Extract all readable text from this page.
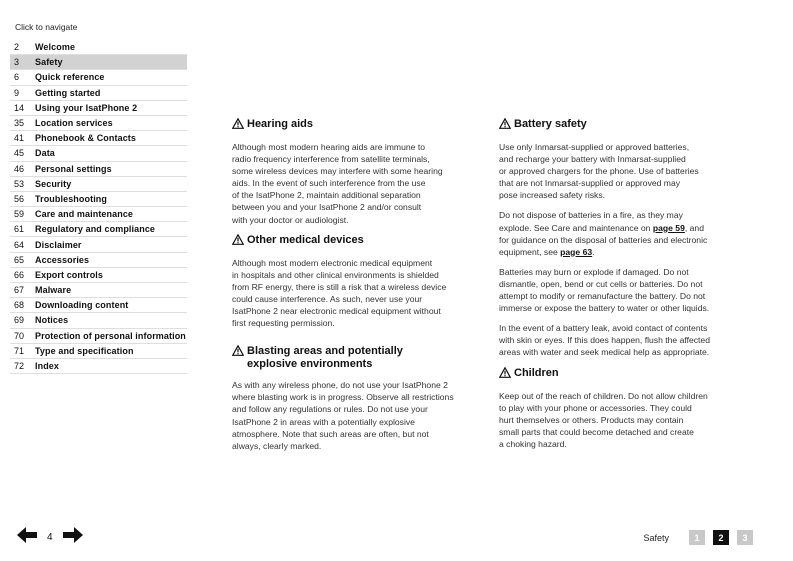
Click to navigate
2	Welcome
3	Safety
6	Quick reference
9	Getting started
14	Using your IsatPhone 2
35	Location services
41	Phonebook & Contacts
45	Data
46	Personal settings
53	Security
56	Troubleshooting
59	Care and maintenance
61	Regulatory and compliance
64	Disclaimer
65	Accessories
66	Export controls
67	Malware
68	Downloading content
69	Notices
70	Protection of personal information
71	Type and specification
72	Index
Hearing aids

Although most modern hearing aids are immune to
radio frequency interference from satellite terminals,
some wireless devices may interfere with some hearing
aids. In the event of such interference from the use
of the IsatPhone 2, maintain additional separation
between you and your IsatPhone 2 and/or consult
with your doctor or audiologist.

Other medical devices

Although most modern electronic medical equipment
in hospitals and other clinical environments is shielded
from RF energy, there is still a risk that a wireless device
could cause interference. As such, never use your
IsatPhone 2 near electronic medical equipment without
first requesting permission.

Blasting areas and potentially
explosive environments

As with any wireless phone, do not use your IsatPhone 2
where blasting work is in progress. Observe all restrictions
and follow any regulations or rules. Do not use your
IsatPhone 2 in areas with a potentially explosive
atmosphere. Note that such areas are often, but not
always, clearly marked.

Battery safety

Use only Inmarsat-supplied or approved batteries,
and recharge your battery with Inmarsat-supplied
or approved chargers for the phone. Use of batteries
that are not Inmarsat-supplied or approved may
pose increased safety risks.

Do not dispose of batteries in a fire, as they may
explode. See Care and maintenance on page 59, and
for guidance on the disposal of batteries and electronic
equipment, see page 63.

Batteries may burn or explode if damaged. Do not
dismantle, open, bend or cut cells or batteries. Do not
attempt to modify or remanufacture the battery. Do not
immerse or expose the battery to water or other liquids.

In the event of a battery leak, avoid contact of contents
with skin or eyes. If this does happen, flush the affected
areas with water and seek medical help as appropriate.

Children

Keep out of the reach of children. Do not allow children
to play with your phone or accessories. They could
hurt themselves or others. Products may contain
small parts that could become detached and create
a choking hazard.

4	Safety	1	2	3
